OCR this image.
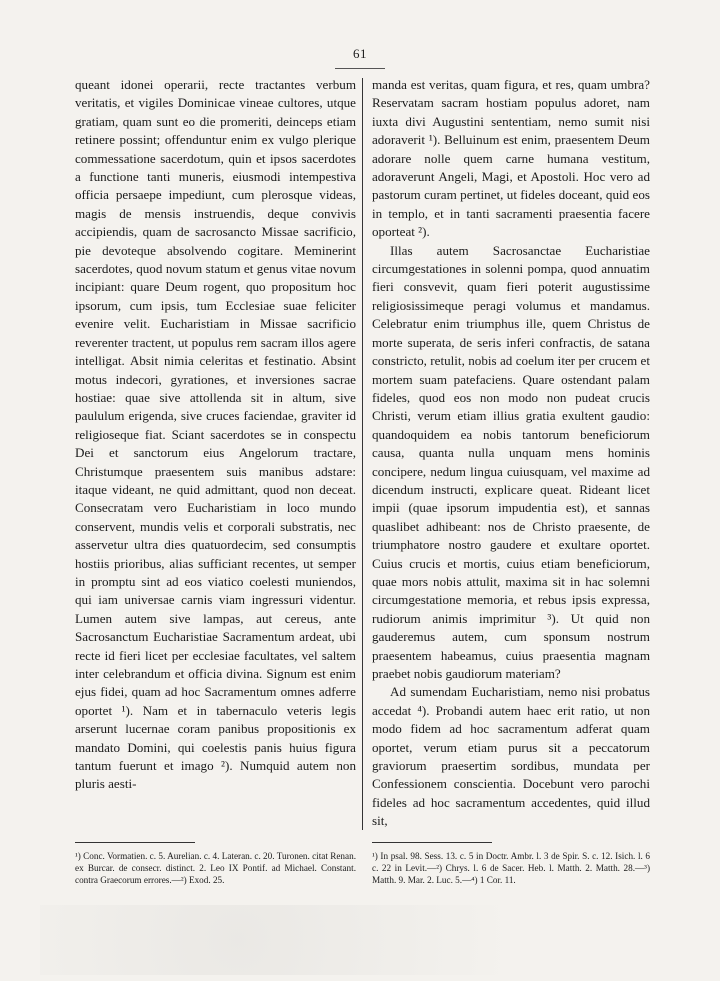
61

queant idonei operarii, recte tractantes verbum veritatis, et vigiles Dominicae vineae cultores, utque gratiam, quam sunt eo die promeriti, deinceps etiam retinere possint; offenduntur enim ex vulgo plerique commessatione sacerdotum, quin et ipsos sacerdotes a functione tanti muneris, eiusmodi intempestiva officia persaepe impediunt, cum plerosque videas, magis de mensis instruendis, deque convivis accipiendis, quam de sacrosancto Missae sacrificio, pie devoteque absolvendo cogitare. Meminerint sacerdotes, quod novum statum et genus vitae novum incipiant: quare Deum rogent, quo propositum hoc ipsorum, cum ipsis, tum Ecclesiae suae feliciter evenire velit. Eucharistiam in Missae sacrificio reverenter tractent, ut populus rem sacram illos agere intelligat. Absit nimia celeritas et festinatio. Absint motus indecori, gyrationes, et inversiones sacrae hostiae: quae sive attollenda sit in altum, sive paululum erigenda, sive cruces faciendae, graviter id religioseque fiat. Sciant sacerdotes se in conspectu Dei et sanctorum eius Angelorum tractare, Christumque praesentem suis manibus adstare: itaque videant, ne quid admittant, quod non deceat. Consecratam vero Eucharistiam in loco mundo conservent, mundis velis et corporali substratis, nec asservetur ultra dies quatuordecim, sed consumptis hostiis prioribus, alias sufficiant recentes, ut semper in promptu sint ad eos viatico coelesti muniendos, qui iam universae carnis viam ingressuri videntur. Lumen autem sive lampas, aut cereus, ante Sacrosanctum Eucharistiae Sacramentum ardeat, ubi recte id fieri licet per ecclesiae facultates, vel saltem inter celebrandum et officia divina. Signum est enim ejus fidei, quam ad hoc Sacramentum omnes adferre oportet ¹). Nam et in tabernaculo veteris legis arserunt lucernae coram panibus propositionis ex mandato Domini, qui coelestis panis huius figura tantum fuerunt et imago ²). Numquid autem non pluris aesti-

manda est veritas, quam figura, et res, quam umbra? Reservatam sacram hostiam populus adoret, nam iuxta divi Augustini sententiam, nemo sumit nisi adoraverit ¹). Belluinum est enim, praesentem Deum adorare nolle quem carne humana vestitum, adoraverunt Angeli, Magi, et Apostoli. Hoc vero ad pastorum curam pertinet, ut fideles doceant, quid eos in templo, et in tanti sacramenti praesentia facere oporteat ²).

Illas autem Sacrosanctae Eucharistiae circumgestationes in solenni pompa, quod annuatim fieri consvevit, quam fieri poterit augustissime religiosissimeque peragi volumus et mandamus. Celebratur enim triumphus ille, quem Christus de morte superata, de seris inferi confractis, de satana constricto, retulit, nobis ad coelum iter per crucem et mortem suam patefaciens. Quare ostendant palam fideles, quod eos non modo non pudeat crucis Christi, verum etiam illius gratia exultent gaudio: quandoquidem ea nobis tantorum beneficiorum causa, quanta nulla unquam mens hominis concipere, nedum lingua cuiusquam, vel maxime ad dicendum instructi, explicare queat. Rideant licet impii (quae ipsorum impudentia est), et sannas quaslibet adhibeant: nos de Christo praesente, de triumphatore nostro gaudere et exultare oportet. Cuius crucis et mortis, cuius etiam beneficiorum, quae mors nobis attulit, maxima sit in hac solemni circumgestatione memoria, et rebus ipsis expressa, rudiorum animis imprimitur ³). Ut quid non gauderemus autem, cum sponsum nostrum praesentem habeamus, cuius praesentia magnam praebet nobis gaudiorum materiam?

Ad sumendam Eucharistiam, nemo nisi probatus accedat ⁴). Probandi autem haec erit ratio, ut non modo fidem ad hoc sacramentum adferat quam oportet, verum etiam purus sit a peccatorum graviorum praesertim sordibus, mundata per Confessionem conscientia. Docebunt vero parochi fideles ad hoc sacramentum accedentes, quid illud sit,

¹) Conc. Vormatien. c. 5. Aurelian. c. 4. Lateran. c. 20. Turonen. citat Renan. ex Burcar. de consecr. distinct. 2. Leo IX Pontif. ad Michael. Constant. contra Graecorum errores.—²) Exod. 25.
¹) In psal. 98. Sess. 13. c. 5 in Doctr. Ambr. l. 3 de Spir. S. c. 12. Isich. l. 6 c. 22 in Levit.—²) Chrys. l. 6 de Sacer. Heb. l. Matth. 2. Matth. 28.—³) Matth. 9. Mar. 2. Luc. 5.—⁴) 1 Cor. 11.
